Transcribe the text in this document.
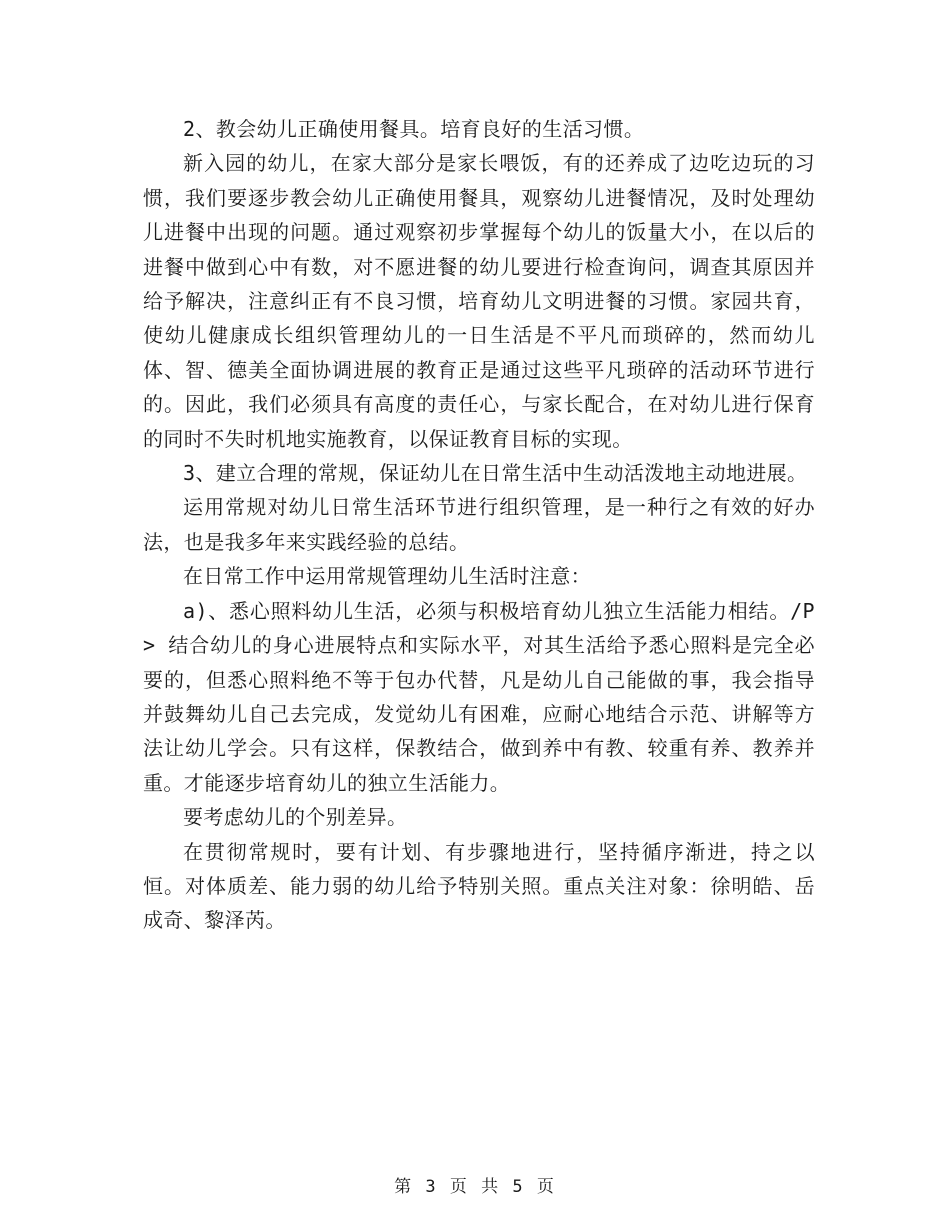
2、教会幼儿正确使用餐具。培育良好的生活习惯。

新入园的幼儿，在家大部分是家长喂饭，有的还养成了边吃边玩的习惯，我们要逐步教会幼儿正确使用餐具，观察幼儿进餐情况，及时处理幼儿进餐中出现的问题。通过观察初步掌握每个幼儿的饭量大小，在以后的进餐中做到心中有数，对不愿进餐的幼儿要进行检查询问，调查其原因并给予解决，注意纠正有不良习惯，培育幼儿文明进餐的习惯。家园共育，使幼儿健康成长组织管理幼儿的一日生活是不平凡而琐碎的，然而幼儿体、智、德美全面协调进展的教育正是通过这些平凡琐碎的活动环节进行的。因此，我们必须具有高度的责任心，与家长配合，在对幼儿进行保育的同时不失时机地实施教育，以保证教育目标的实现。

3、建立合理的常规，保证幼儿在日常生活中生动活泼地主动地进展。

运用常规对幼儿日常生活环节进行组织管理，是一种行之有效的好办法，也是我多年来实践经验的总结。

在日常工作中运用常规管理幼儿生活时注意：

a)、悉心照料幼儿生活，必须与积极培育幼儿独立生活能力相结。/P> 结合幼儿的身心进展特点和实际水平，对其生活给予悉心照料是完全必要的，但悉心照料绝不等于包办代替，凡是幼儿自己能做的事，我会指导并鼓舞幼儿自己去完成，发觉幼儿有困难，应耐心地结合示范、讲解等方法让幼儿学会。只有这样，保教结合，做到养中有教、较重有养、教养并重。才能逐步培育幼儿的独立生活能力。

要考虑幼儿的个别差异。

在贯彻常规时，要有计划、有步骤地进行，坚持循序渐进，持之以恒。对体质差、能力弱的幼儿给予特别关照。重点关注对象：徐明皓、岳成奇、黎泽芮。

第 3 页 共 5 页
